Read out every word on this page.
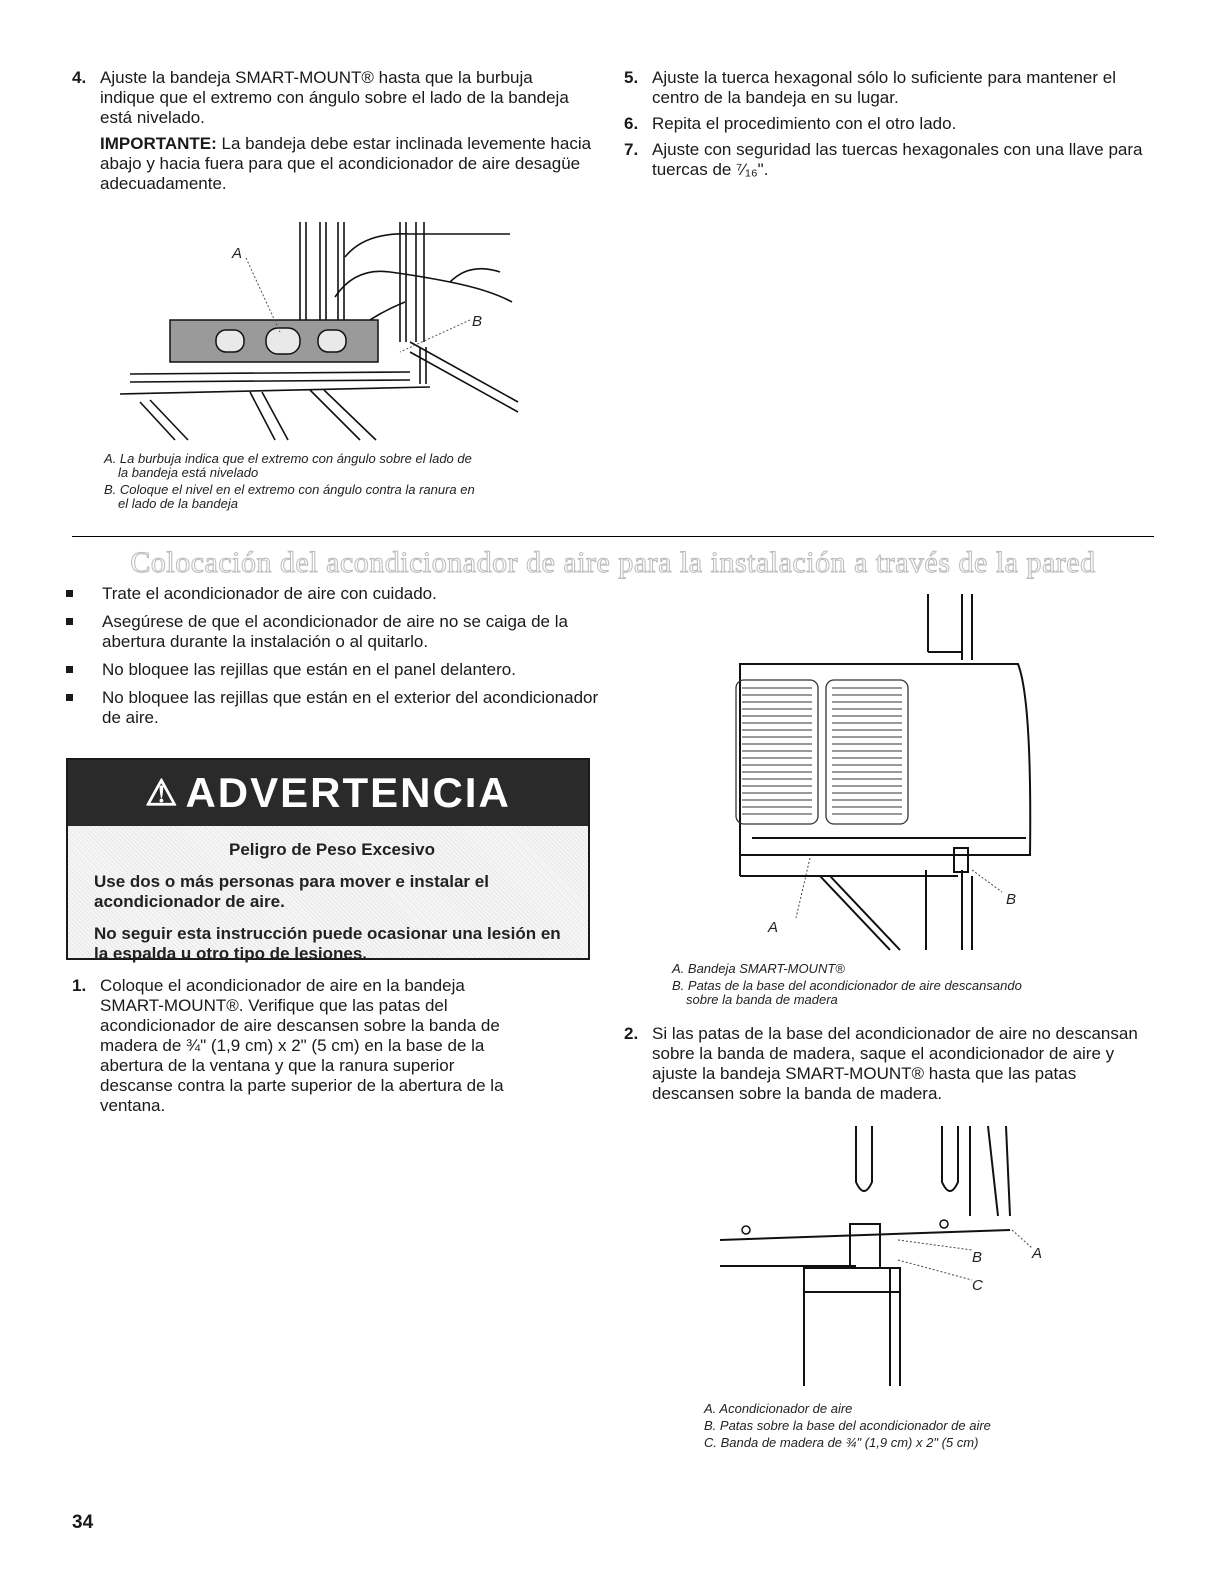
4. Ajuste la bandeja SMART-MOUNT® hasta que la burbuja indique que el extremo con ángulo sobre el lado de la bandeja está nivelado.

IMPORTANTE: La bandeja debe estar inclinada levemente hacia abajo y hacia fuera para que el acondicionador de aire desagüe adecuadamente.

A
B
A. La burbuja indica que el extremo con ángulo sobre el lado de
la bandeja está nivelado
B. Coloque el nivel en el extremo con ángulo contra la ranura en
el lado de la bandeja
5. Ajuste la tuerca hexagonal sólo lo suficiente para mantener el centro de la bandeja en su lugar.

6. Repita el procedimiento con el otro lado.

7. Ajuste con seguridad las tuercas hexagonales con una llave para tuercas de ⁷⁄₁₆".

Colocación del acondicionador de aire para la instalación a través de la pared
Trate el acondicionador de aire con cuidado.
Asegúrese de que el acondicionador de aire no se caiga de la abertura durante la instalación o al quitarlo.
No bloquee las rejillas que están en el panel delantero.
No bloquee las rejillas que están en el exterior del acondicionador de aire.
⚠ ADVERTENCIA
Peligro de Peso Excesivo

Use dos o más personas para mover e instalar el acondicionador de aire.

No seguir esta instrucción puede ocasionar una lesión en la espalda u otro tipo de lesiones.

1. Coloque el acondicionador de aire en la bandeja SMART-MOUNT®. Verifique que las patas del acondicionador de aire descansen sobre la banda de madera de ¾" (1,9 cm) x 2" (5 cm) en la base de la abertura de la ventana y que la ranura superior descanse contra la parte superior de la abertura de la ventana.

A
B
A. Bandeja SMART-MOUNT®
B. Patas de la base del acondicionador de aire descansando
sobre la banda de madera
2. Si las patas de la base del acondicionador de aire no descansan sobre la banda de madera, saque el acondicionador de aire y ajuste la bandeja SMART-MOUNT® hasta que las patas descansen sobre la banda de madera.

B
C
A
A. Acondicionador de aire
B. Patas sobre la base del acondicionador de aire
C. Banda de madera de ¾" (1,9 cm) x 2" (5 cm)
34
